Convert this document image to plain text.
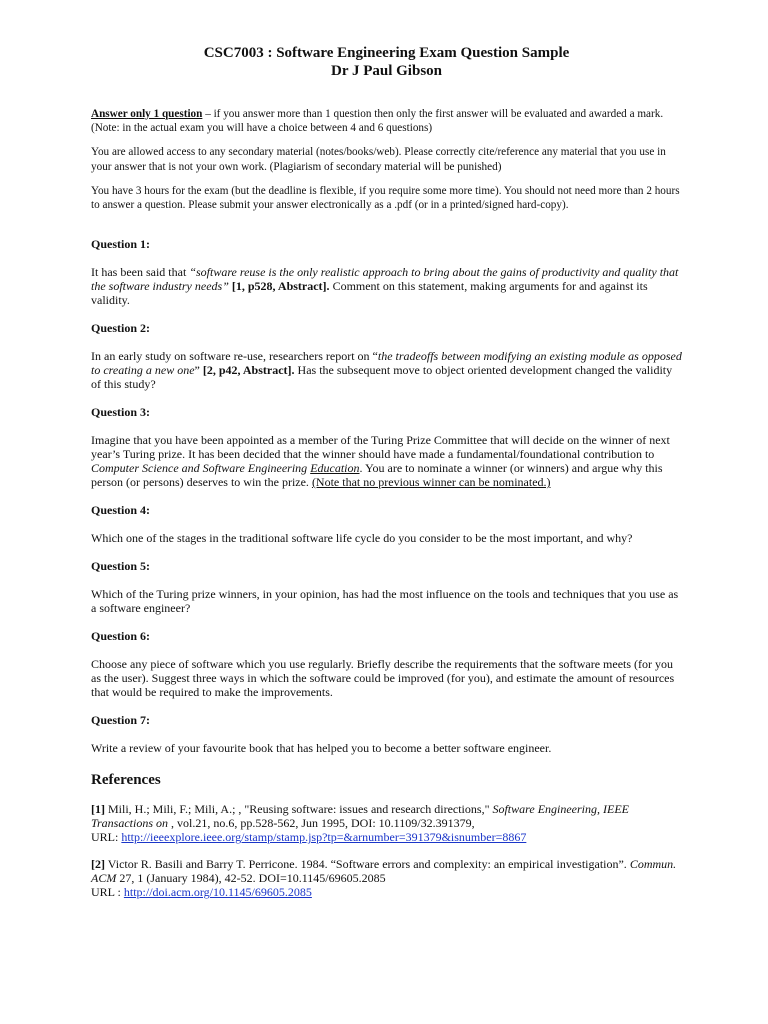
CSC7003 : Software Engineering Exam Question Sample
Dr J Paul Gibson

Answer only 1 question – if you answer more than 1 question then only the first answer will be evaluated and awarded a mark. (Note: in the actual exam you will have a choice between 4 and 6 questions)

You are allowed access to any secondary material (notes/books/web). Please correctly cite/reference any material that you use in your answer that is not your own work. (Plagiarism of secondary material will be punished)

You have 3 hours for the exam (but the deadline is flexible, if you require some more time). You should not need more than 2 hours to answer a question. Please submit your answer electronically as a .pdf (or in a printed/signed hard-copy).

Question 1:

It has been said that “software reuse is the only realistic approach to bring about the gains of productivity and quality that the software industry needs” [1, p528, Abstract]. Comment on this statement, making arguments for and against its validity.

Question 2:

In an early study on software re-use, researchers report on “the tradeoffs between modifying an existing module as opposed to creating a new one” [2, p42, Abstract]. Has the subsequent move to object oriented development changed the validity of this study?

Question 3:

Imagine that you have been appointed as a member of the Turing Prize Committee that will decide on the winner of next year’s Turing prize. It has been decided that the winner should have made a fundamental/foundational contribution to Computer Science and Software Engineering Education. You are to nominate a winner (or winners) and argue why this person (or persons) deserves to win the prize. (Note that no previous winner can be nominated.)

Question 4:

Which one of the stages in the traditional software life cycle do you consider to be the most important, and why?

Question 5:

Which of the Turing prize winners, in your opinion, has had the most influence on the tools and techniques that you use as a software engineer?

Question 6:

Choose any piece of software which you use regularly. Briefly describe the requirements that the software meets (for you as the user). Suggest three ways in which the software could be improved (for you), and estimate the amount of resources that would be required to make the improvements.

Question 7:

Write a review of your favourite book that has helped you to become a better software engineer.

References

[1] Mili, H.; Mili, F.; Mili, A.; , "Reusing software: issues and research directions," Software Engineering, IEEE Transactions on , vol.21, no.6, pp.528-562, Jun 1995, DOI: 10.1109/32.391379,
URL: http://ieeexplore.ieee.org/stamp/stamp.jsp?tp=&arnumber=391379&isnumber=8867

[2] Victor R. Basili and Barry T. Perricone. 1984. “Software errors and complexity: an empirical investigation”. Commun. ACM 27, 1 (January 1984), 42-52. DOI=10.1145/69605.2085
URL : http://doi.acm.org/10.1145/69605.2085
